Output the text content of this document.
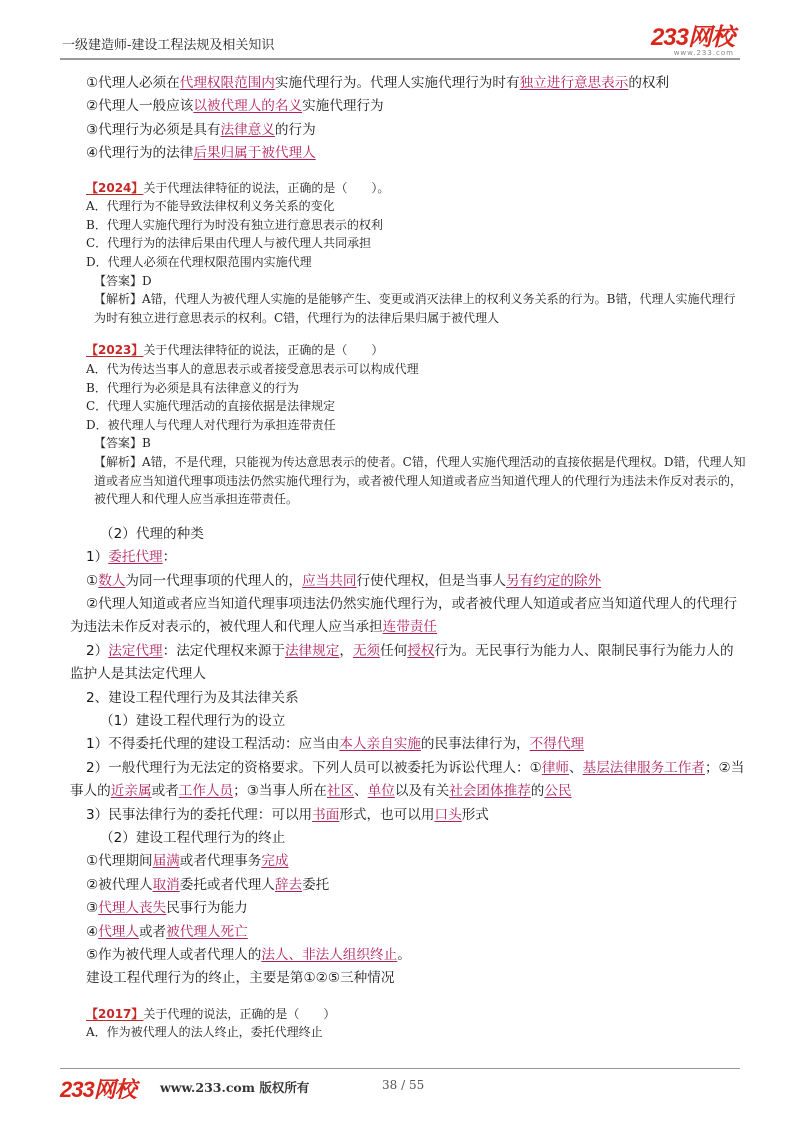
一级建造师-建设工程法规及相关知识	233网校
www.233.com
①代理人必须在代理权限范围内实施代理行为。代理人实施代理行为时有独立进行意思表示的权利
②代理人一般应该以被代理人的名义实施代理行为
③代理行为必须是具有法律意义的行为
④代理行为的法律后果归属于被代理人
【2024】关于代理法律特征的说法，正确的是（　　）。
A．代理行为不能导致法律权利义务关系的变化
B．代理人实施代理行为时没有独立进行意思表示的权利
C．代理行为的法律后果由代理人与被代理人共同承担
D．代理人必须在代理权限范围内实施代理
【答案】D
【解析】A错，代理人为被代理人实施的是能够产生、变更或消灭法律上的权利义务关系的行为。B错，代理人实施代理行为时有独立进行意思表示的权利。C错，代理行为的法律后果归属于被代理人
【2023】关于代理法律特征的说法，正确的是（　　）
A．代为传达当事人的意思表示或者接受意思表示可以构成代理
B．代理行为必须是具有法律意义的行为
C．代理人实施代理活动的直接依据是法律规定
D．被代理人与代理人对代理行为承担连带责任
【答案】B
【解析】A错，不是代理，只能视为传达意思表示的使者。C错，代理人实施代理活动的直接依据是代理权。D错，代理人知道或者应当知道代理事项违法仍然实施代理行为，或者被代理人知道或者应当知道代理人的代理行为违法未作反对表示的，被代理人和代理人应当承担连带责任。
（2）代理的种类
1）委托代理：
①数人为同一代理事项的代理人的，应当共同行使代理权，但是当事人另有约定的除外
②代理人知道或者应当知道代理事项违法仍然实施代理行为，或者被代理人知道或者应当知道代理人的代理行为违法未作反对表示的，被代理人和代理人应当承担连带责任
2）法定代理：法定代理权来源于法律规定，无须任何授权行为。无民事行为能力人、限制民事行为能力人的监护人是其法定代理人
2、建设工程代理行为及其法律关系
（1）建设工程代理行为的设立
1）不得委托代理的建设工程活动：应当由本人亲自实施的民事法律行为，不得代理
2）一般代理行为无法定的资格要求。下列人员可以被委托为诉讼代理人：①律师、基层法律服务工作者；②当事人的近亲属或者工作人员；③当事人所在社区、单位以及有关社会团体推荐的公民
3）民事法律行为的委托代理：可以用书面形式，也可以用口头形式
（2）建设工程代理行为的终止
①代理期间届满或者代理事务完成
②被代理人取消委托或者代理人辞去委托
③代理人丧失民事行为能力
④代理人或者被代理人死亡
⑤作为被代理人或者代理人的法人、非法人组织终止。
建设工程代理行为的终止，主要是第①②⑤三种情况
【2017】关于代理的说法，正确的是（　　）
A．作为被代理人的法人终止，委托代理终止
233网校 www.233.com 版权所有	38 / 55
